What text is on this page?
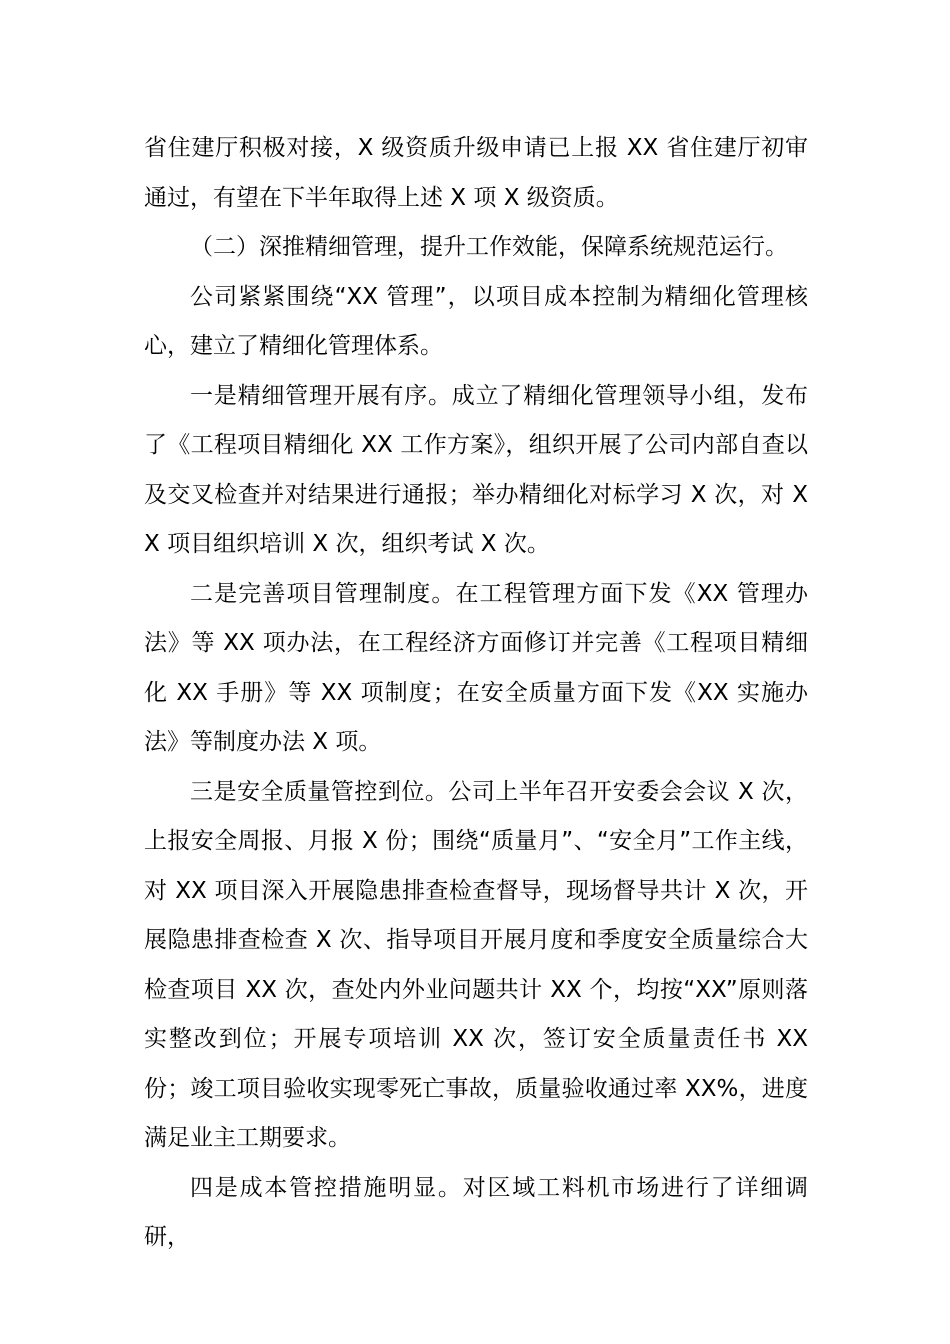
省住建厅积极对接，X 级资质升级申请已上报 XX 省住建厅初审通过，有望在下半年取得上述 X 项 X 级资质。

（二）深推精细管理，提升工作效能，保障系统规范运行。

公司紧紧围绕“XX 管理”，以项目成本控制为精细化管理核心，建立了精细化管理体系。

一是精细管理开展有序。成立了精细化管理领导小组，发布了《工程项目精细化 XX 工作方案》，组织开展了公司内部自查以及交叉检查并对结果进行通报；举办精细化对标学习 X 次，对 XX 项目组织培训 X 次，组织考试 X 次。

二是完善项目管理制度。在工程管理方面下发《XX 管理办法》等 XX 项办法，在工程经济方面修订并完善《工程项目精细化 XX 手册》等 XX 项制度；在安全质量方面下发《XX 实施办法》等制度办法 X 项。

三是安全质量管控到位。公司上半年召开安委会会议 X 次，上报安全周报、月报 X 份；围绕“质量月”、“安全月”工作主线，对 XX 项目深入开展隐患排查检查督导，现场督导共计 X 次，开展隐患排查检查 X 次、指导项目开展月度和季度安全质量综合大检查项目 XX 次，查处内外业问题共计 XX 个，均按“XX”原则落实整改到位；开展专项培训 XX 次，签订安全质量责任书 XX 份；竣工项目验收实现零死亡事故，质量验收通过率 XX%，进度满足业主工期要求。

四是成本管控措施明显。对区域工料机市场进行了详细调研，
